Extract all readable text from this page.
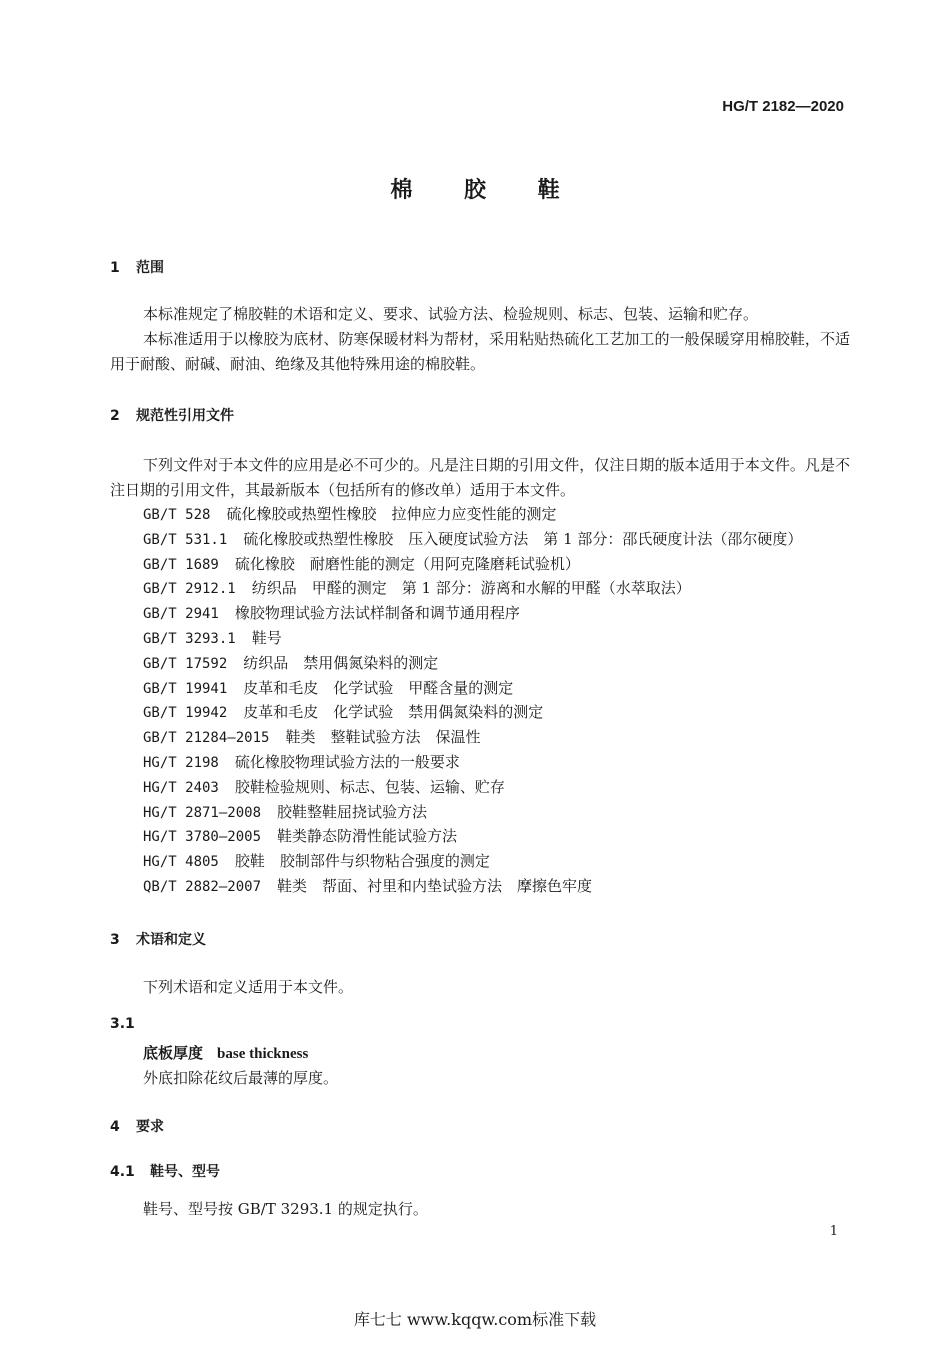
HG/T 2182—2020
棉 胶 鞋
1 范围
本标准规定了棉胶鞋的术语和定义、要求、试验方法、检验规则、标志、包装、运输和贮存。
本标准适用于以橡胶为底材、防寒保暖材料为帮材，采用粘贴热硫化工艺加工的一般保暖穿用棉胶鞋，不适用于耐酸、耐碱、耐油、绝缘及其他特殊用途的棉胶鞋。
2 规范性引用文件
下列文件对于本文件的应用是必不可少的。凡是注日期的引用文件，仅注日期的版本适用于本文件。凡是不注日期的引用文件，其最新版本（包括所有的修改单）适用于本文件。
GB/T 528 硫化橡胶或热塑性橡胶　拉伸应力应变性能的测定
GB/T 531.1 硫化橡胶或热塑性橡胶　压入硬度试验方法　第 1 部分：邵氏硬度计法（邵尔硬度）
GB/T 1689 硫化橡胶　耐磨性能的测定（用阿克隆磨耗试验机）
GB/T 2912.1 纺织品　甲醛的测定　第 1 部分：游离和水解的甲醛（水萃取法）
GB/T 2941 橡胶物理试验方法试样制备和调节通用程序
GB/T 3293.1 鞋号
GB/T 17592 纺织品　禁用偶氮染料的测定
GB/T 19941 皮革和毛皮　化学试验　甲醛含量的测定
GB/T 19942 皮革和毛皮　化学试验　禁用偶氮染料的测定
GB/T 21284—2015 鞋类　整鞋试验方法　保温性
HG/T 2198 硫化橡胶物理试验方法的一般要求
HG/T 2403 胶鞋检验规则、标志、包装、运输、贮存
HG/T 2871—2008 胶鞋整鞋屈挠试验方法
HG/T 3780—2005 鞋类静态防滑性能试验方法
HG/T 4805 胶鞋　胶制部件与织物粘合强度的测定
QB/T 2882—2007 鞋类　帮面、衬里和内垫试验方法　摩擦色牢度
3 术语和定义
下列术语和定义适用于本文件。
3.1
底板厚度 base thickness
外底扣除花纹后最薄的厚度。
4 要求
4.1 鞋号、型号
鞋号、型号按 GB/T 3293.1 的规定执行。
1
库七七 www.kqqw.com标准下载
